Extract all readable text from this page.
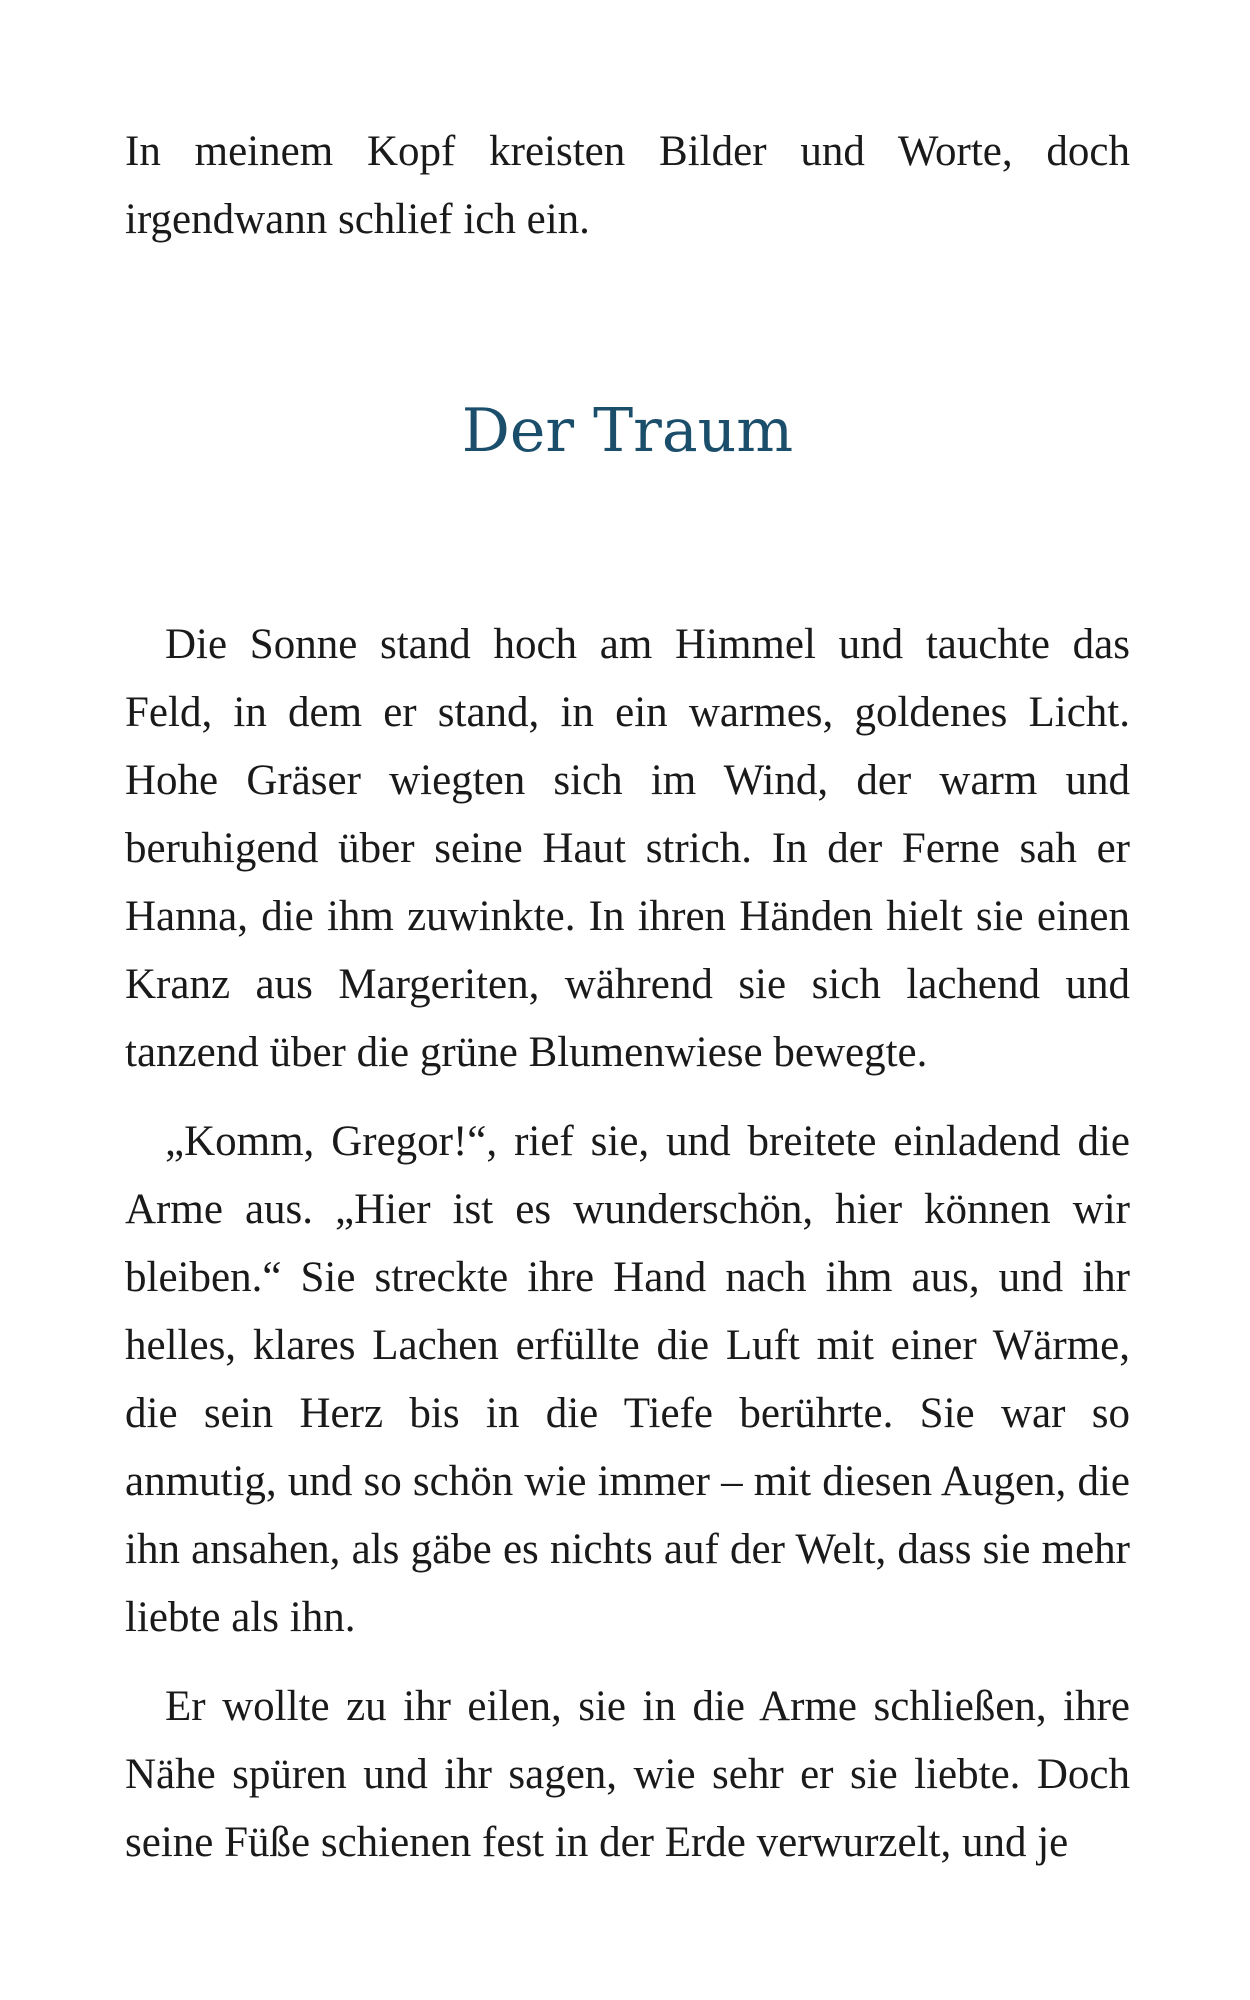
In meinem Kopf kreisten Bilder und Worte, doch irgendwann schlief ich ein.

Der Traum

Die Sonne stand hoch am Himmel und tauchte das Feld, in dem er stand, in ein warmes, goldenes Licht. Hohe Gräser wiegten sich im Wind, der warm und beruhigend über seine Haut strich. In der Ferne sah er Hanna, die ihm zuwinkte. In ihren Händen hielt sie einen Kranz aus Margeriten, während sie sich lachend und tanzend über die grüne Blumenwiese bewegte.

„Komm, Gregor!“, rief sie, und breitete einladend die Arme aus. „Hier ist es wunderschön, hier können wir bleiben.“ Sie streckte ihre Hand nach ihm aus, und ihr helles, klares Lachen erfüllte die Luft mit einer Wärme, die sein Herz bis in die Tiefe berührte. Sie war so anmutig, und so schön wie immer – mit diesen Augen, die ihn ansahen, als gäbe es nichts auf der Welt, dass sie mehr liebte als ihn.

Er wollte zu ihr eilen, sie in die Arme schließen, ihre Nähe spüren und ihr sagen, wie sehr er sie liebte. Doch seine Füße schienen fest in der Erde verwurzelt, und je
